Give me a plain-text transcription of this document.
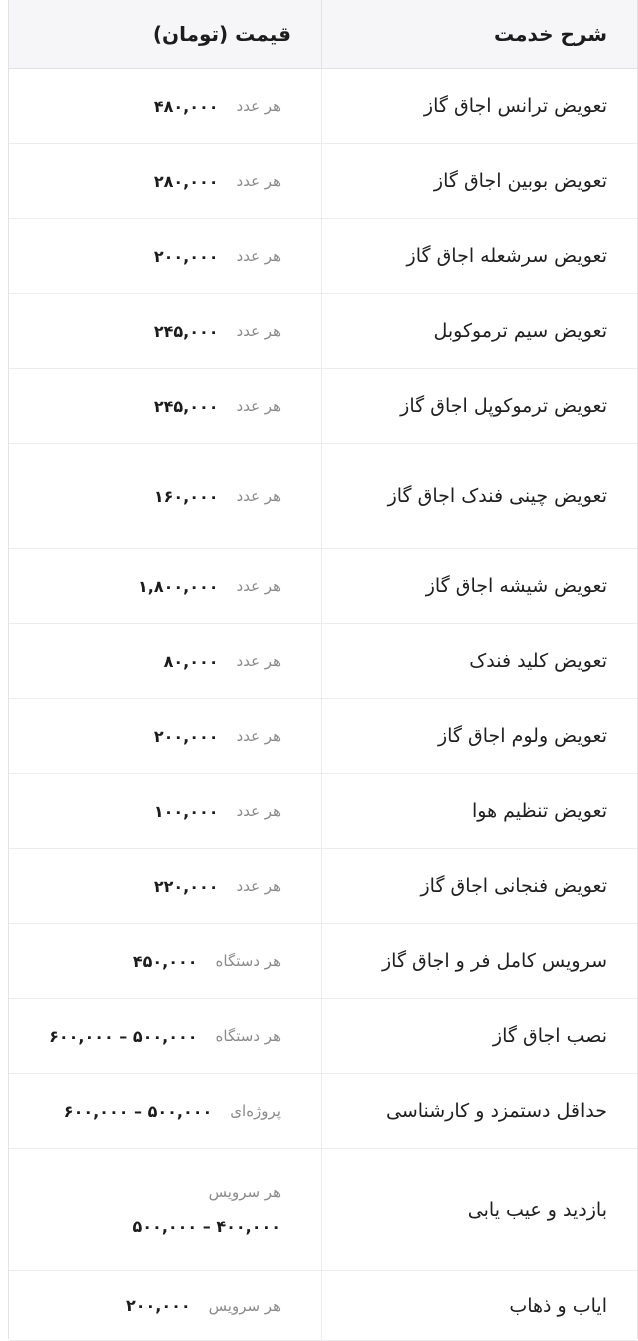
شرح خدمت
قیمت (تومان)
تعویض ترانس اجاق گاز
هر عدد
۴۸۰,۰۰۰
تعویض بوبین اجاق گاز
هر عدد
۲۸۰,۰۰۰
تعویض سرشعله اجاق گاز
هر عدد
۲۰۰,۰۰۰
تعویض سیم ترموکوبل
هر عدد
۲۴۵,۰۰۰
تعویض ترموکوپل اجاق گاز
هر عدد
۲۴۵,۰۰۰
تعویض چینی فندک اجاق گاز
هر عدد
۱۶۰,۰۰۰
تعویض شیشه اجاق گاز
هر عدد
۱,۸۰۰,۰۰۰
تعویض کلید فندک
هر عدد
۸۰,۰۰۰
تعویض ولوم اجاق گاز
هر عدد
۲۰۰,۰۰۰
تعویض تنظیم هوا
هر عدد
۱۰۰,۰۰۰
تعویض فنجانی اجاق گاز
هر عدد
۲۲۰,۰۰۰
سرویس کامل فر و اجاق گاز
هر دستگاه
۴۵۰,۰۰۰
نصب اجاق گاز
هر دستگاه
۵۰۰,۰۰۰ – ۶۰۰,۰۰۰
حداقل دستمزد و کارشناسی
پروژه‌ای
۵۰۰,۰۰۰ – ۶۰۰,۰۰۰
بازدید و عیب یابی
هر سرویس
۴۰۰,۰۰۰ – ۵۰۰,۰۰۰
ایاب و ذهاب
هر سرویس
۲۰۰,۰۰۰
